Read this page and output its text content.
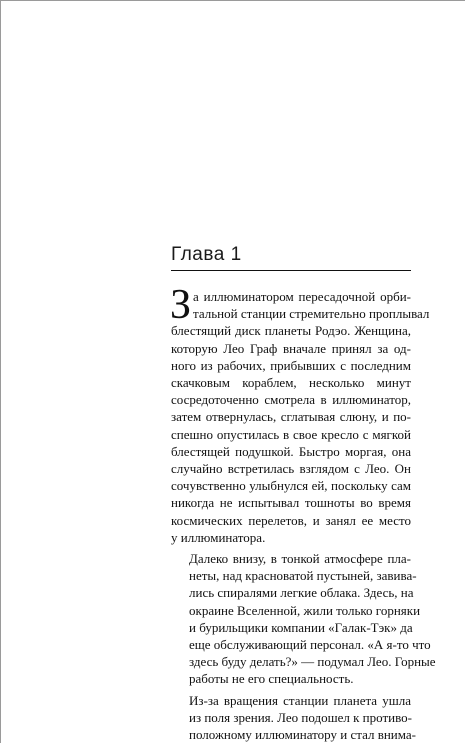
Глава 1
З а иллюминатором пересадочной орби-
тальной станции стремительно проплывал
блестящий диск планеты Родэо. Женщина,
которую Лео Граф вначале принял за од-
ного из рабочих, прибывших с последним
скачковым кораблем, несколько минут
сосредоточенно смотрела в иллюминатор,
затем отвернулась, сглатывая слюну, и по-
спешно опустилась в свое кресло с мягкой
блестящей подушкой. Быстро моргая, она
случайно встретилась взглядом с Лео. Он
сочувственно улыбнулся ей, поскольку сам
никогда не испытывал тошноты во время
космических перелетов, и занял ее место
у иллюминатора.
Далеко внизу, в тонкой атмосфере пла-
неты, над красноватой пустыней, завива-
лись спиралями легкие облака. Здесь, на
окраине Вселенной, жили только горняки
и бурильщики компании «Галак-Тэк» да
еще обслуживающий персонал. «А я-то что
здесь буду делать?» — подумал Лео. Горные
работы не его специальность.
Из-за вращения станции планета ушла
из поля зрения. Лео подошел к противо-
положному иллюминатору и стал внима-
